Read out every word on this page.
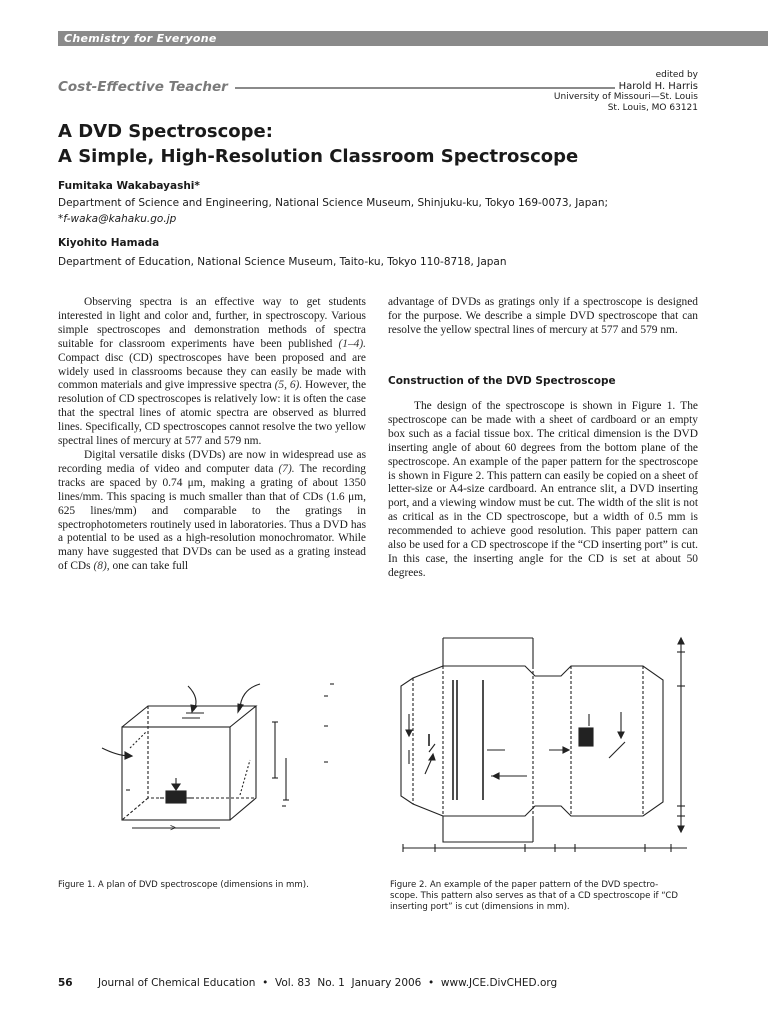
Chemistry for Everyone
Cost-Effective Teacher
edited by
Harold H. Harris
University of Missouri—St. Louis
St. Louis, MO 63121
A DVD Spectroscope:
A Simple, High-Resolution Classroom Spectroscope
Fumitaka Wakabayashi*
Department of Science and Engineering, National Science Museum, Shinjuku-ku, Tokyo 169-0073, Japan;
*f-waka@kahaku.go.jp
Kiyohito Hamada
Department of Education, National Science Museum, Taito-ku, Tokyo 110-8718, Japan

Observing spectra is an effective way to get students interested in light and color and, further, in spectroscopy. Various simple spectroscopes and demonstration methods of spectra suitable for classroom experiments have been published (1–4). Compact disc (CD) spectroscopes have been proposed and are widely used in classrooms because they can easily be made with common materials and give impressive spectra (5, 6). However, the resolution of CD spectroscopes is relatively low: it is often the case that the spectral lines of atomic spectra are observed as blurred lines. Specifically, CD spectroscopes cannot resolve the two yellow spectral lines of mercury at 577 and 579 nm.

Digital versatile disks (DVDs) are now in widespread use as recording media of video and computer data (7). The recording tracks are spaced by 0.74 μm, making a grating of about 1350 lines/mm. This spacing is much smaller than that of CDs (1.6 μm, 625 lines/mm) and comparable to the gratings in spectrophotometers routinely used in laboratories. Thus a DVD has a potential to be used as a high-resolution monochromator. While many have suggested that DVDs can be used as a grating instead of CDs (8), one can take full

advantage of DVDs as gratings only if a spectroscope is designed for the purpose. We describe a simple DVD spectroscope that can resolve the yellow spectral lines of mercury at 577 and 579 nm.

Construction of the DVD Spectroscope

The design of the spectroscope is shown in Figure 1. The spectroscope can be made with a sheet of cardboard or an empty box such as a facial tissue box. The critical dimension is the DVD inserting angle of about 60 degrees from the bottom plane of the spectroscope. An example of the paper pattern for the spectroscope is shown in Figure 2. This pattern can easily be copied on a sheet of letter-size or A4-size cardboard. An entrance slit, a DVD inserting port, and a viewing window must be cut. The width of the slit is not as critical as in the CD spectroscope, but a width of 0.5 mm is recommended to achieve good resolution. This paper pattern can also be used for a CD spectroscope if the “CD inserting port” is cut. In this case, the inserting angle for the CD is set at about 50 degrees.

>
Figure 1. A plan of DVD spectroscope (dimensions in mm).	Figure 2. An example of the paper pattern of the DVD spectro-
scope. This pattern also serves as that of a CD spectroscope if “CD
inserting port” is cut (dimensions in mm).
56 Journal of Chemical Education  •  Vol. 83  No. 1  January 2006  •  www.JCE.DivCHED.org
